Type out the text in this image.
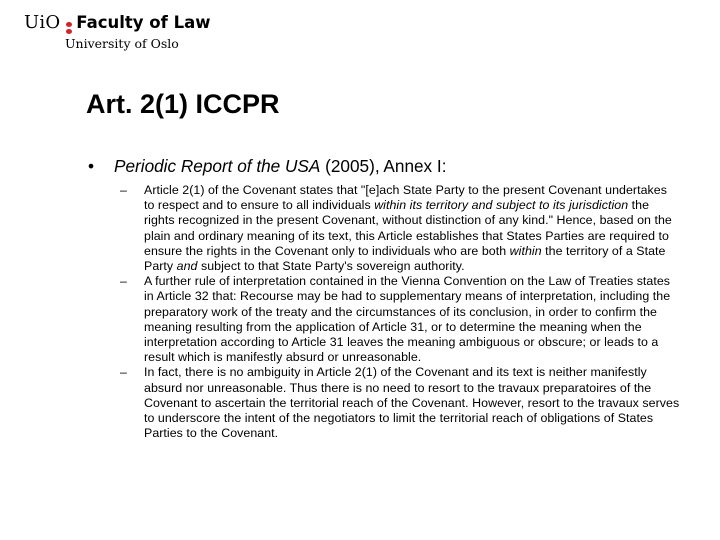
UiO Faculty of Law
University of Oslo
Art. 2(1) ICCPR
• Periodic Report of the USA (2005), Annex I:
–	Article 2(1) of the Covenant states that "[e]ach State Party to the present Covenant undertakes to respect and to ensure to all individuals within its territory and subject to its jurisdiction the rights recognized in the present Covenant, without distinction of any kind." Hence, based on the plain and ordinary meaning of its text, this Article establishes that States Parties are required to ensure the rights in the Covenant only to individuals who are both within the territory of a State Party and subject to that State Party's sovereign authority.
–	A further rule of interpretation contained in the Vienna Convention on the Law of Treaties states in Article 32 that: Recourse may be had to supplementary means of interpretation, including the preparatory work of the treaty and the circumstances of its conclusion, in order to confirm the meaning resulting from the application of Article 31, or to determine the meaning when the interpretation according to Article 31 leaves the meaning ambiguous or obscure; or leads to a result which is manifestly absurd or unreasonable.
–	In fact, there is no ambiguity in Article 2(1) of the Covenant and its text is neither manifestly absurd nor unreasonable. Thus there is no need to resort to the travaux preparatoires of the Covenant to ascertain the territorial reach of the Covenant. However, resort to the travaux serves to underscore the intent of the negotiators to limit the territorial reach of obligations of States Parties to the Covenant.
